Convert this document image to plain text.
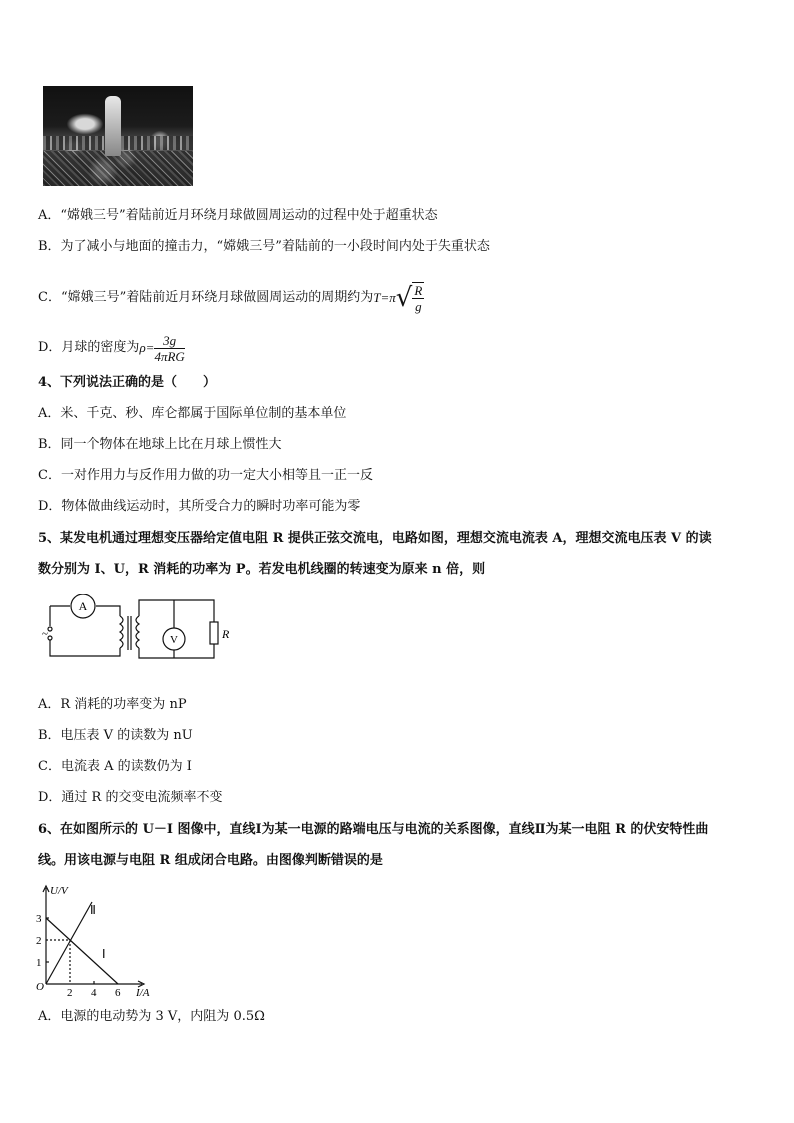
A．“嫦娥三号”着陆前近月环绕月球做圆周运动的过程中处于超重状态
B．为了减小与地面的撞击力，“嫦娥三号”着陆前的一小段时间内处于失重状态
C．“嫦娥三号”着陆前近月环绕月球做圆周运动的周期约为 T=π √ $\frac{R}{g}$
D．月球的密度为 $\rho= \frac{3g}{\text{4πRG}}$
4、下列说法正确的是（　　）
A．米、千克、秒、库仑都属于国际单位制的基本单位
B．同一个物体在地球上比在月球上惯性大
C．一对作用力与反作用力做的功一定大小相等且一正一反
D．物体做曲线运动时，其所受合力的瞬时功率可能为零
5、某发电机通过理想变压器给定值电阻 R 提供正弦交流电，电路如图，理想交流电流表 A，理想交流电压表 V 的读
数分别为 I、U，R 消耗的功率为 P。若发电机线圈的转速变为原来 n 倍，则
A
~	V	R
A．R 消耗的功率变为 nP
B．电压表 V 的读数为 nU
C．电流表 A 的读数仍为 I
D．通过 R 的交变电流频率不变
6、在如图所示的 U－I 图像中，直线Ⅰ为某一电源的路端电压与电流的关系图像，直线Ⅱ为某一电阻 R 的伏安特性曲
线。用该电源与电阻 R 组成闭合电路。由图像判断错误的是
U/V
I/A
O
3
2
1
2 4 6
Ⅰ
Ⅱ
A．电源的电动势为 3 V，内阻为 0.5Ω
